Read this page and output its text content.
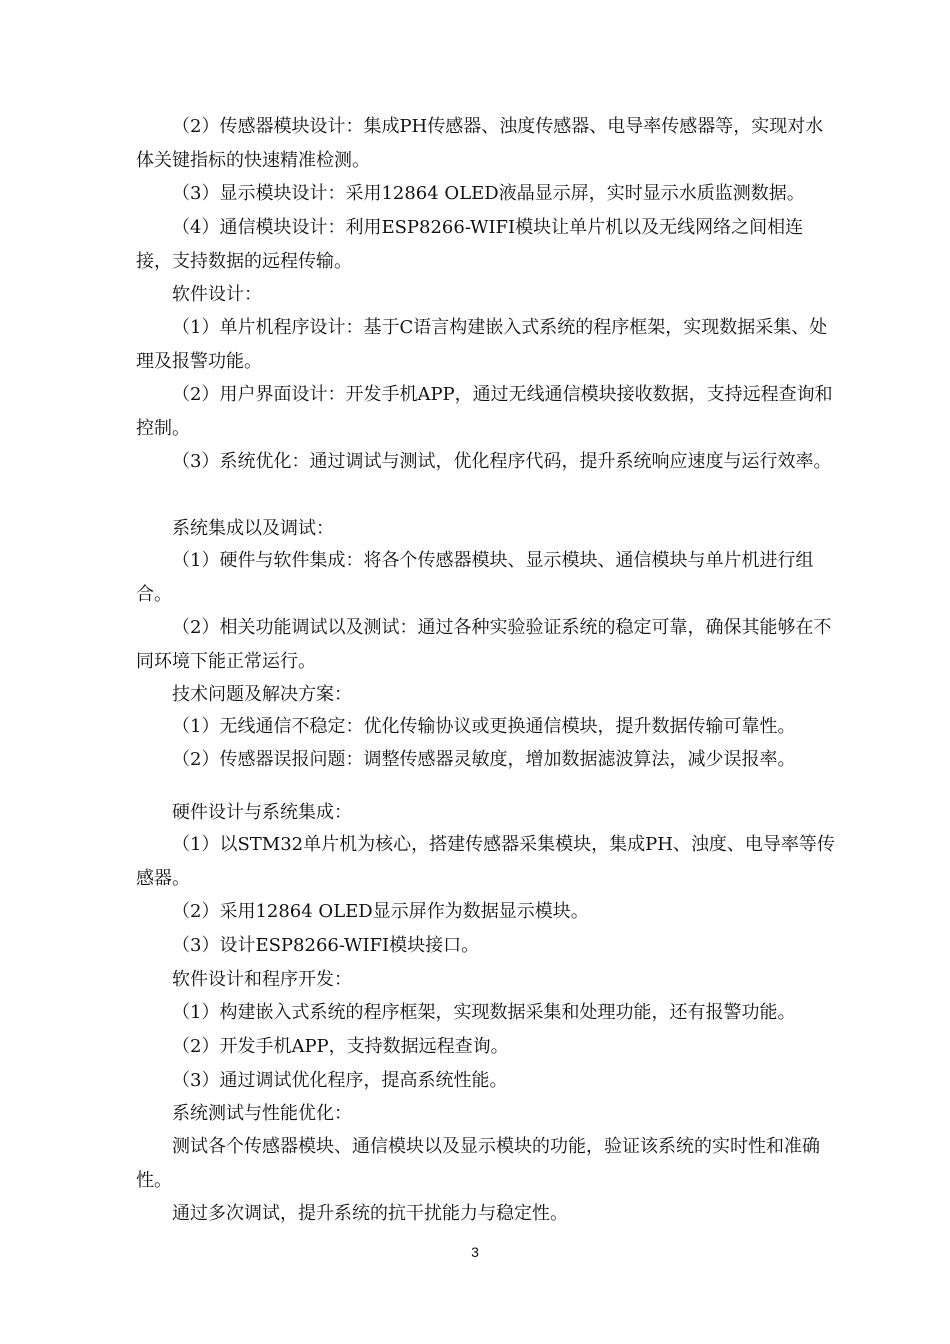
（2）传感器模块设计：集成PH传感器、浊度传感器、电导率传感器等，实现对水体关键指标的快速精准检测。

（3）显示模块设计：采用12864 OLED液晶显示屏，实时显示水质监测数据。

（4）通信模块设计：利用ESP8266-WIFI模块让单片机以及无线网络之间相连接，支持数据的远程传输。

软件设计：

（1）单片机程序设计：基于C语言构建嵌入式系统的程序框架，实现数据采集、处理及报警功能。

（2）用户界面设计：开发手机APP，通过无线通信模块接收数据，支持远程查询和控制。

（3）系统优化：通过调试与测试，优化程序代码，提升系统响应速度与运行效率。

系统集成以及调试：

（1）硬件与软件集成：将各个传感器模块、显示模块、通信模块与单片机进行组合。

（2）相关功能调试以及测试：通过各种实验验证系统的稳定可靠，确保其能够在不同环境下能正常运行。

技术问题及解决方案：

（1）无线通信不稳定：优化传输协议或更换通信模块，提升数据传输可靠性。

（2）传感器误报问题：调整传感器灵敏度，增加数据滤波算法，减少误报率。

硬件设计与系统集成：

（1）以STM32单片机为核心，搭建传感器采集模块，集成PH、浊度、电导率等传感器。

（2）采用12864 OLED显示屏作为数据显示模块。

（3）设计ESP8266-WIFI模块接口。

软件设计和程序开发：

（1）构建嵌入式系统的程序框架，实现数据采集和处理功能，还有报警功能。

（2）开发手机APP，支持数据远程查询。

（3）通过调试优化程序，提高系统性能。

系统测试与性能优化：

测试各个传感器模块、通信模块以及显示模块的功能，验证该系统的实时性和准确性。

通过多次调试，提升系统的抗干扰能力与稳定性。

3
